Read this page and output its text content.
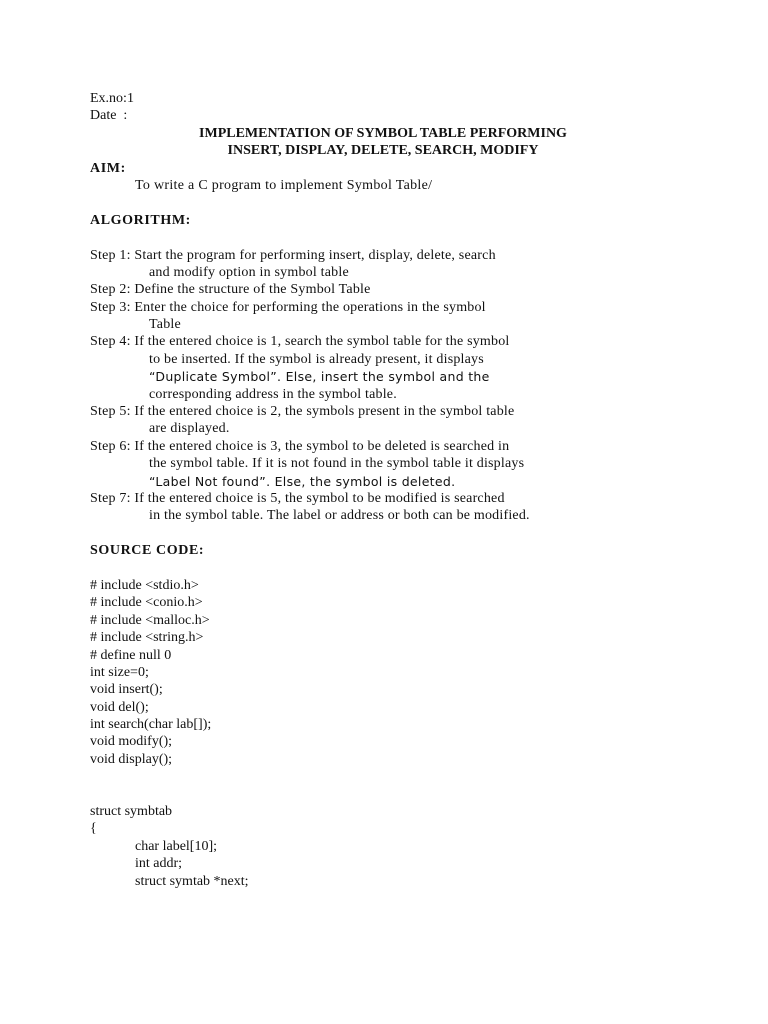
Ex.no:1
Date  :
IMPLEMENTATION OF SYMBOL TABLE PERFORMING
INSERT, DISPLAY, DELETE, SEARCH, MODIFY
AIM:
To write a C program to implement Symbol Table/
ALGORITHM:
Step 1: Start the program for performing insert, display, delete, search
and modify option in symbol table
Step 2: Define the structure of the Symbol Table
Step 3: Enter the choice for performing the operations in the symbol
Table
Step 4: If the entered choice is 1, search the symbol table for the symbol
to be inserted. If the symbol is already present, it displays
“Duplicate Symbol”. Else, insert the symbol and the
corresponding address in the symbol table.
Step 5: If the entered choice is 2, the symbols present in the symbol table
are displayed.
Step 6: If the entered choice is 3, the symbol to be deleted is searched in
the symbol table. If it is not found in the symbol table it displays
“Label Not found”. Else, the symbol is deleted.
Step 7: If the entered choice is 5, the symbol to be modified is searched
in the symbol table. The label or address or both can be modified.
SOURCE CODE:
# include <stdio.h>
# include <conio.h>
# include <malloc.h>
# include <string.h>
# define null 0
int size=0;
void insert();
void del();
int search(char lab[]);
void modify();
void display();
struct symbtab
{
char label[10];
int addr;
struct symtab *next;
